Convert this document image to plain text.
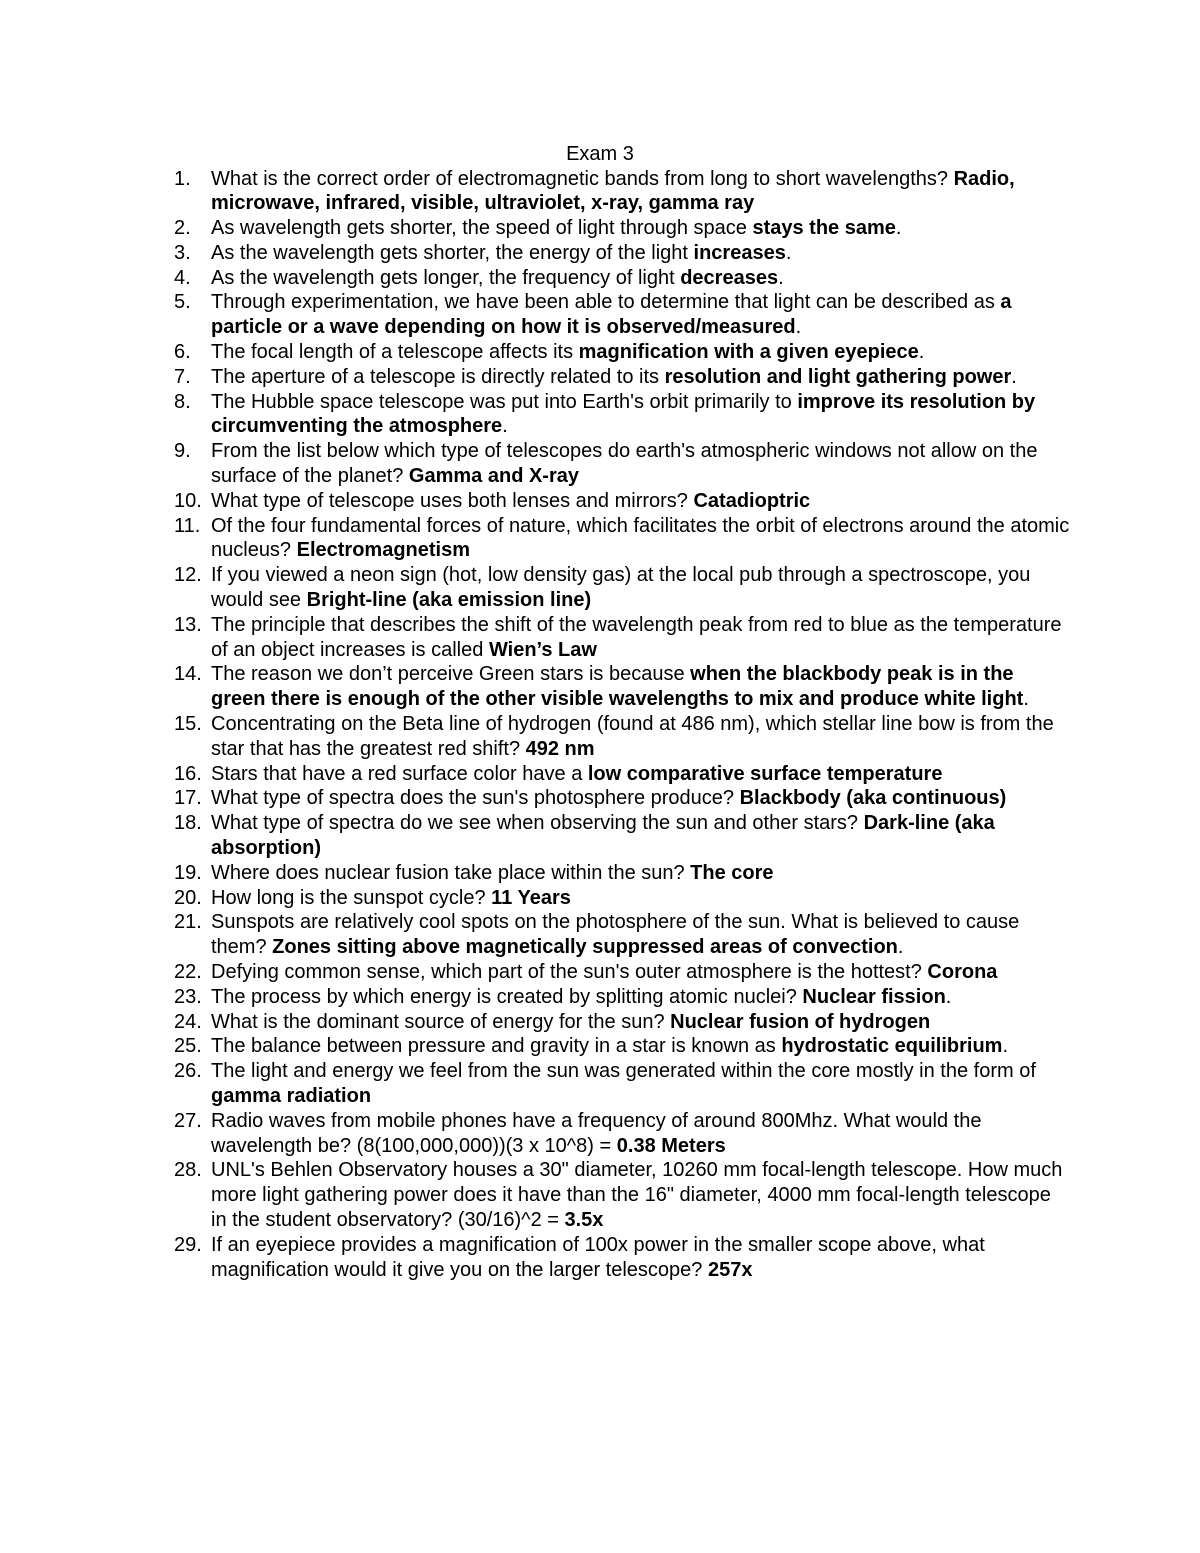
Exam 3
1.	What is the correct order of electromagnetic bands from long to short wavelengths? Radio, microwave, infrared, visible, ultraviolet, x-ray, gamma ray
2.	As wavelength gets shorter, the speed of light through space stays the same.
3.	As the wavelength gets shorter, the energy of the light increases.
4.	As the wavelength gets longer, the frequency of light decreases.
5.	Through experimentation, we have been able to determine that light can be described as a particle or a wave depending on how it is observed/measured.
6.	The focal length of a telescope affects its magnification with a given eyepiece.
7.	The aperture of a telescope is directly related to its resolution and light gathering power.
8.	The Hubble space telescope was put into Earth's orbit primarily to improve its resolution by circumventing the atmosphere.
9.	From the list below which type of telescopes do earth's atmospheric windows not allow on the surface of the planet? Gamma and X-ray
10. What type of telescope uses both lenses and mirrors? Catadioptric
11. Of the four fundamental forces of nature, which facilitates the orbit of electrons around the atomic nucleus? Electromagnetism
12. If you viewed a neon sign (hot, low density gas) at the local pub through a spectroscope, you would see Bright-line (aka emission line)
13. The principle that describes the shift of the wavelength peak from red to blue as the temperature of an object increases is called Wien’s Law
14. The reason we don’t perceive Green stars is because when the blackbody peak is in the green there is enough of the other visible wavelengths to mix and produce white light.
15. Concentrating on the Beta line of hydrogen (found at 486 nm), which stellar line bow is from the star that has the greatest red shift? 492 nm
16. Stars that have a red surface color have a low comparative surface temperature
17. What type of spectra does the sun's photosphere produce? Blackbody (aka continuous)
18. What type of spectra do we see when observing the sun and other stars? Dark-line (aka absorption)
19. Where does nuclear fusion take place within the sun? The core
20. How long is the sunspot cycle? 11 Years
21. Sunspots are relatively cool spots on the photosphere of the sun. What is believed to cause them? Zones sitting above magnetically suppressed areas of convection.
22. Defying common sense, which part of the sun's outer atmosphere is the hottest? Corona
23. The process by which energy is created by splitting atomic nuclei? Nuclear fission.
24. What is the dominant source of energy for the sun? Nuclear fusion of hydrogen
25. The balance between pressure and gravity in a star is known as hydrostatic equilibrium.
26. The light and energy we feel from the sun was generated within the core mostly in the form of gamma radiation
27. Radio waves from mobile phones have a frequency of around 800Mhz. What would the wavelength be? (8(100,000,000))(3 x 10^8) = 0.38 Meters
28. UNL's Behlen Observatory houses a 30" diameter, 10260 mm focal-length telescope. How much more light gathering power does it have than the 16" diameter, 4000 mm focal-length telescope in the student observatory? (30/16)^2 = 3.5x
29. If an eyepiece provides a magnification of 100x power in the smaller scope above, what magnification would it give you on the larger telescope? 257x
